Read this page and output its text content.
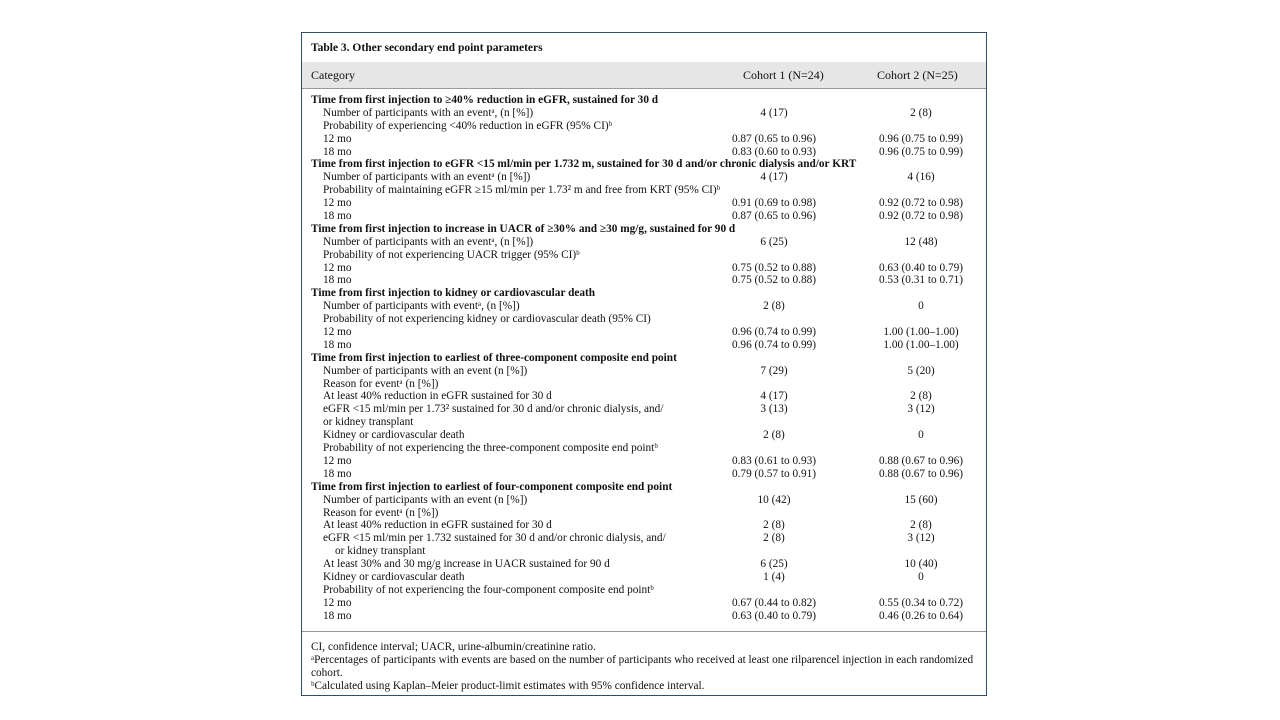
Table 3. Other secondary end point parameters
Category	Cohort 1 (N=24)	Cohort 2 (N=25)
Time from first injection to ≥40% reduction in eGFR, sustained for 30 d
Number of participants with an eventᵃ, (n [%])	4 (17)	2 (8)
Probability of experiencing <40% reduction in eGFR (95% CI)ᵇ
12 mo	0.87 (0.65 to 0.96)	0.96 (0.75 to 0.99)
18 mo	0.83 (0.60 to 0.93)	0.96 (0.75 to 0.99)
Time from first injection to eGFR <15 ml/min per 1.732 m, sustained for 30 d and/or chronic dialysis and/or KRT
Number of participants with an eventᵃ (n [%])	4 (17)	4 (16)
Probability of maintaining eGFR ≥15 ml/min per 1.73² m and free from KRT (95% CI)ᵇ
12 mo	0.91 (0.69 to 0.98)	0.92 (0.72 to 0.98)
18 mo	0.87 (0.65 to 0.96)	0.92 (0.72 to 0.98)
Time from first injection to increase in UACR of ≥30% and ≥30 mg/g, sustained for 90 d
Number of participants with an eventᵃ, (n [%])	6 (25)	12 (48)
Probability of not experiencing UACR trigger (95% CI)ᵇ
12 mo	0.75 (0.52 to 0.88)	0.63 (0.40 to 0.79)
18 mo	0.75 (0.52 to 0.88)	0.53 (0.31 to 0.71)
Time from first injection to kidney or cardiovascular death
Number of participants with eventᵃ, (n [%])	2 (8)	0
Probability of not experiencing kidney or cardiovascular death (95% CI)
12 mo	0.96 (0.74 to 0.99)	1.00 (1.00–1.00)
18 mo	0.96 (0.74 to 0.99)	1.00 (1.00–1.00)
Time from first injection to earliest of three-component composite end point
Number of participants with an event (n [%])	7 (29)	5 (20)
Reason for eventᵃ (n [%])
At least 40% reduction in eGFR sustained for 30 d	4 (17)	2 (8)
eGFR <15 ml/min per 1.73² sustained for 30 d and/or chronic dialysis, and/	3 (13)	3 (12)
or kidney transplant
Kidney or cardiovascular death	2 (8)	0
Probability of not experiencing the three-component composite end pointᵇ
12 mo	0.83 (0.61 to 0.93)	0.88 (0.67 to 0.96)
18 mo	0.79 (0.57 to 0.91)	0.88 (0.67 to 0.96)
Time from first injection to earliest of four-component composite end point
Number of participants with an event (n [%])	10 (42)	15 (60)
Reason for eventᵃ (n [%])
At least 40% reduction in eGFR sustained for 30 d	2 (8)	2 (8)
eGFR <15 ml/min per 1.732 sustained for 30 d and/or chronic dialysis, and/	2 (8)	3 (12)
or kidney transplant
At least 30% and 30 mg/g increase in UACR sustained for 90 d	6 (25)	10 (40)
Kidney or cardiovascular death	1 (4)	0
Probability of not experiencing the four-component composite end pointᵇ
12 mo	0.67 (0.44 to 0.82)	0.55 (0.34 to 0.72)
18 mo	0.63 (0.40 to 0.79)	0.46 (0.26 to 0.64)
CI, confidence interval; UACR, urine-albumin/creatinine ratio.
ᵃPercentages of participants with events are based on the number of participants who received at least one rilparencel injection in each randomized cohort.
ᵇCalculated using Kaplan–Meier product-limit estimates with 95% confidence interval.
